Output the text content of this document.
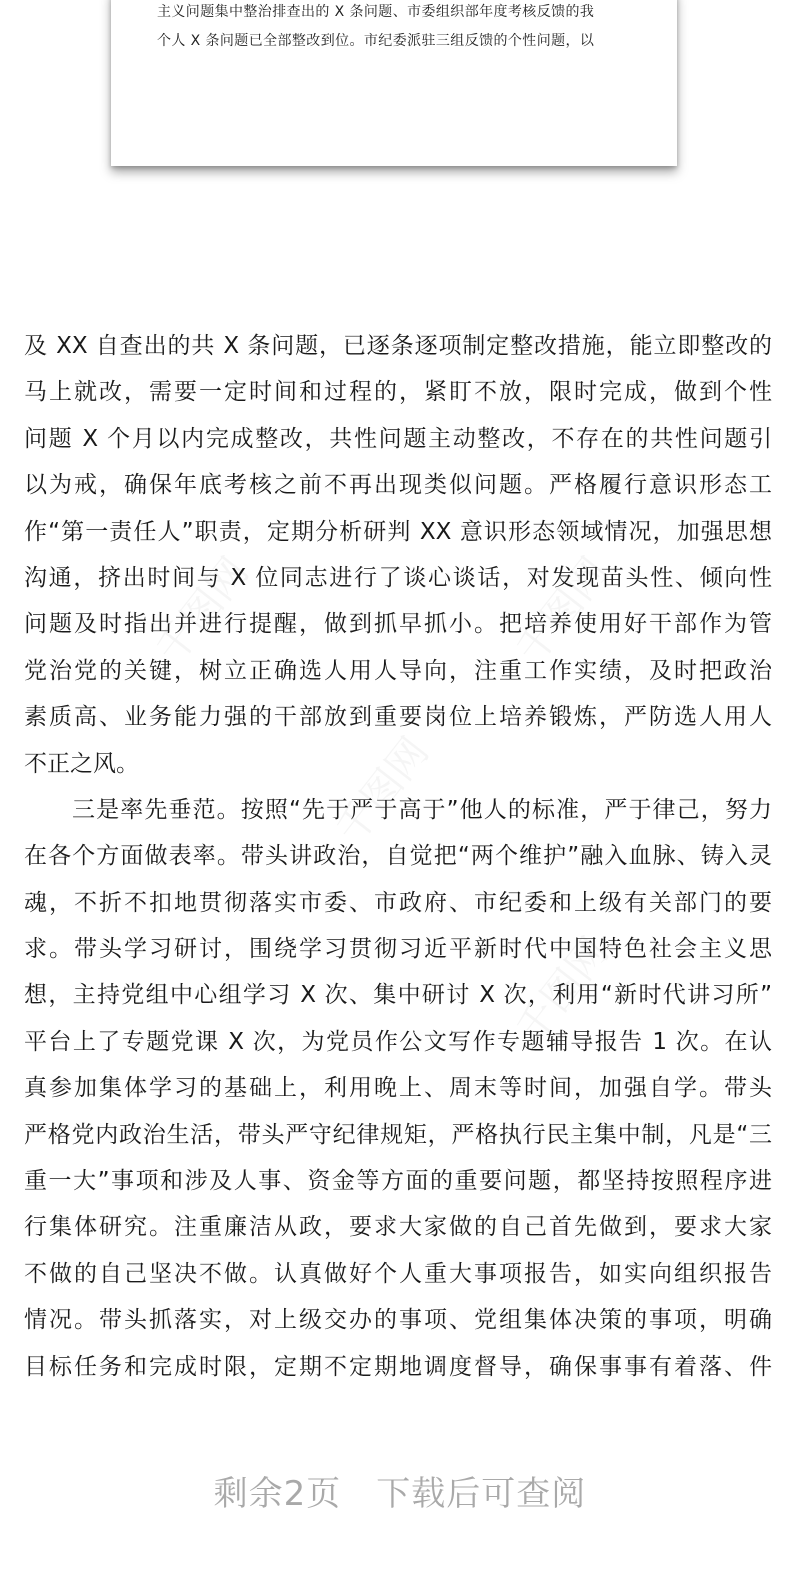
主义问题集中整治排查出的 X 条问题、市委组织部年度考核反馈的我
个人 X 条问题已全部整改到位。市纪委派驻三组反馈的个性问题，以
千图网	千图网
千图网
千图网
及 XX 自查出的共 X 条问题，已逐条逐项制定整改措施，能立即整改的
马上就改，需要一定时间和过程的，紧盯不放，限时完成，做到个性
问题 X 个月以内完成整改，共性问题主动整改，不存在的共性问题引
以为戒，确保年底考核之前不再出现类似问题。严格履行意识形态工
作“第一责任人”职责，定期分析研判 XX 意识形态领域情况，加强思想
沟通，挤出时间与 X 位同志进行了谈心谈话，对发现苗头性、倾向性
问题及时指出并进行提醒，做到抓早抓小。把培养使用好干部作为管
党治党的关键，树立正确选人用人导向，注重工作实绩，及时把政治
素质高、业务能力强的干部放到重要岗位上培养锻炼，严防选人用人
不正之风。
三是率先垂范。按照“先于严于高于”他人的标准，严于律己，努力
在各个方面做表率。带头讲政治，自觉把“两个维护”融入血脉、铸入灵
魂，不折不扣地贯彻落实市委、市政府、市纪委和上级有关部门的要
求。带头学习研讨，围绕学习贯彻习近平新时代中国特色社会主义思
想，主持党组中心组学习 X 次、集中研讨 X 次，利用“新时代讲习所”
平台上了专题党课 X 次，为党员作公文写作专题辅导报告 1 次。在认
真参加集体学习的基础上，利用晚上、周末等时间，加强自学。带头
严格党内政治生活，带头严守纪律规矩，严格执行民主集中制，凡是“三
重一大”事项和涉及人事、资金等方面的重要问题，都坚持按照程序进
行集体研究。注重廉洁从政，要求大家做的自己首先做到，要求大家
不做的自己坚决不做。认真做好个人重大事项报告，如实向组织报告
情况。带头抓落实，对上级交办的事项、党组集体决策的事项，明确
目标任务和完成时限，定期不定期地调度督导，确保事事有着落、件
剩余2页　下载后可查阅
